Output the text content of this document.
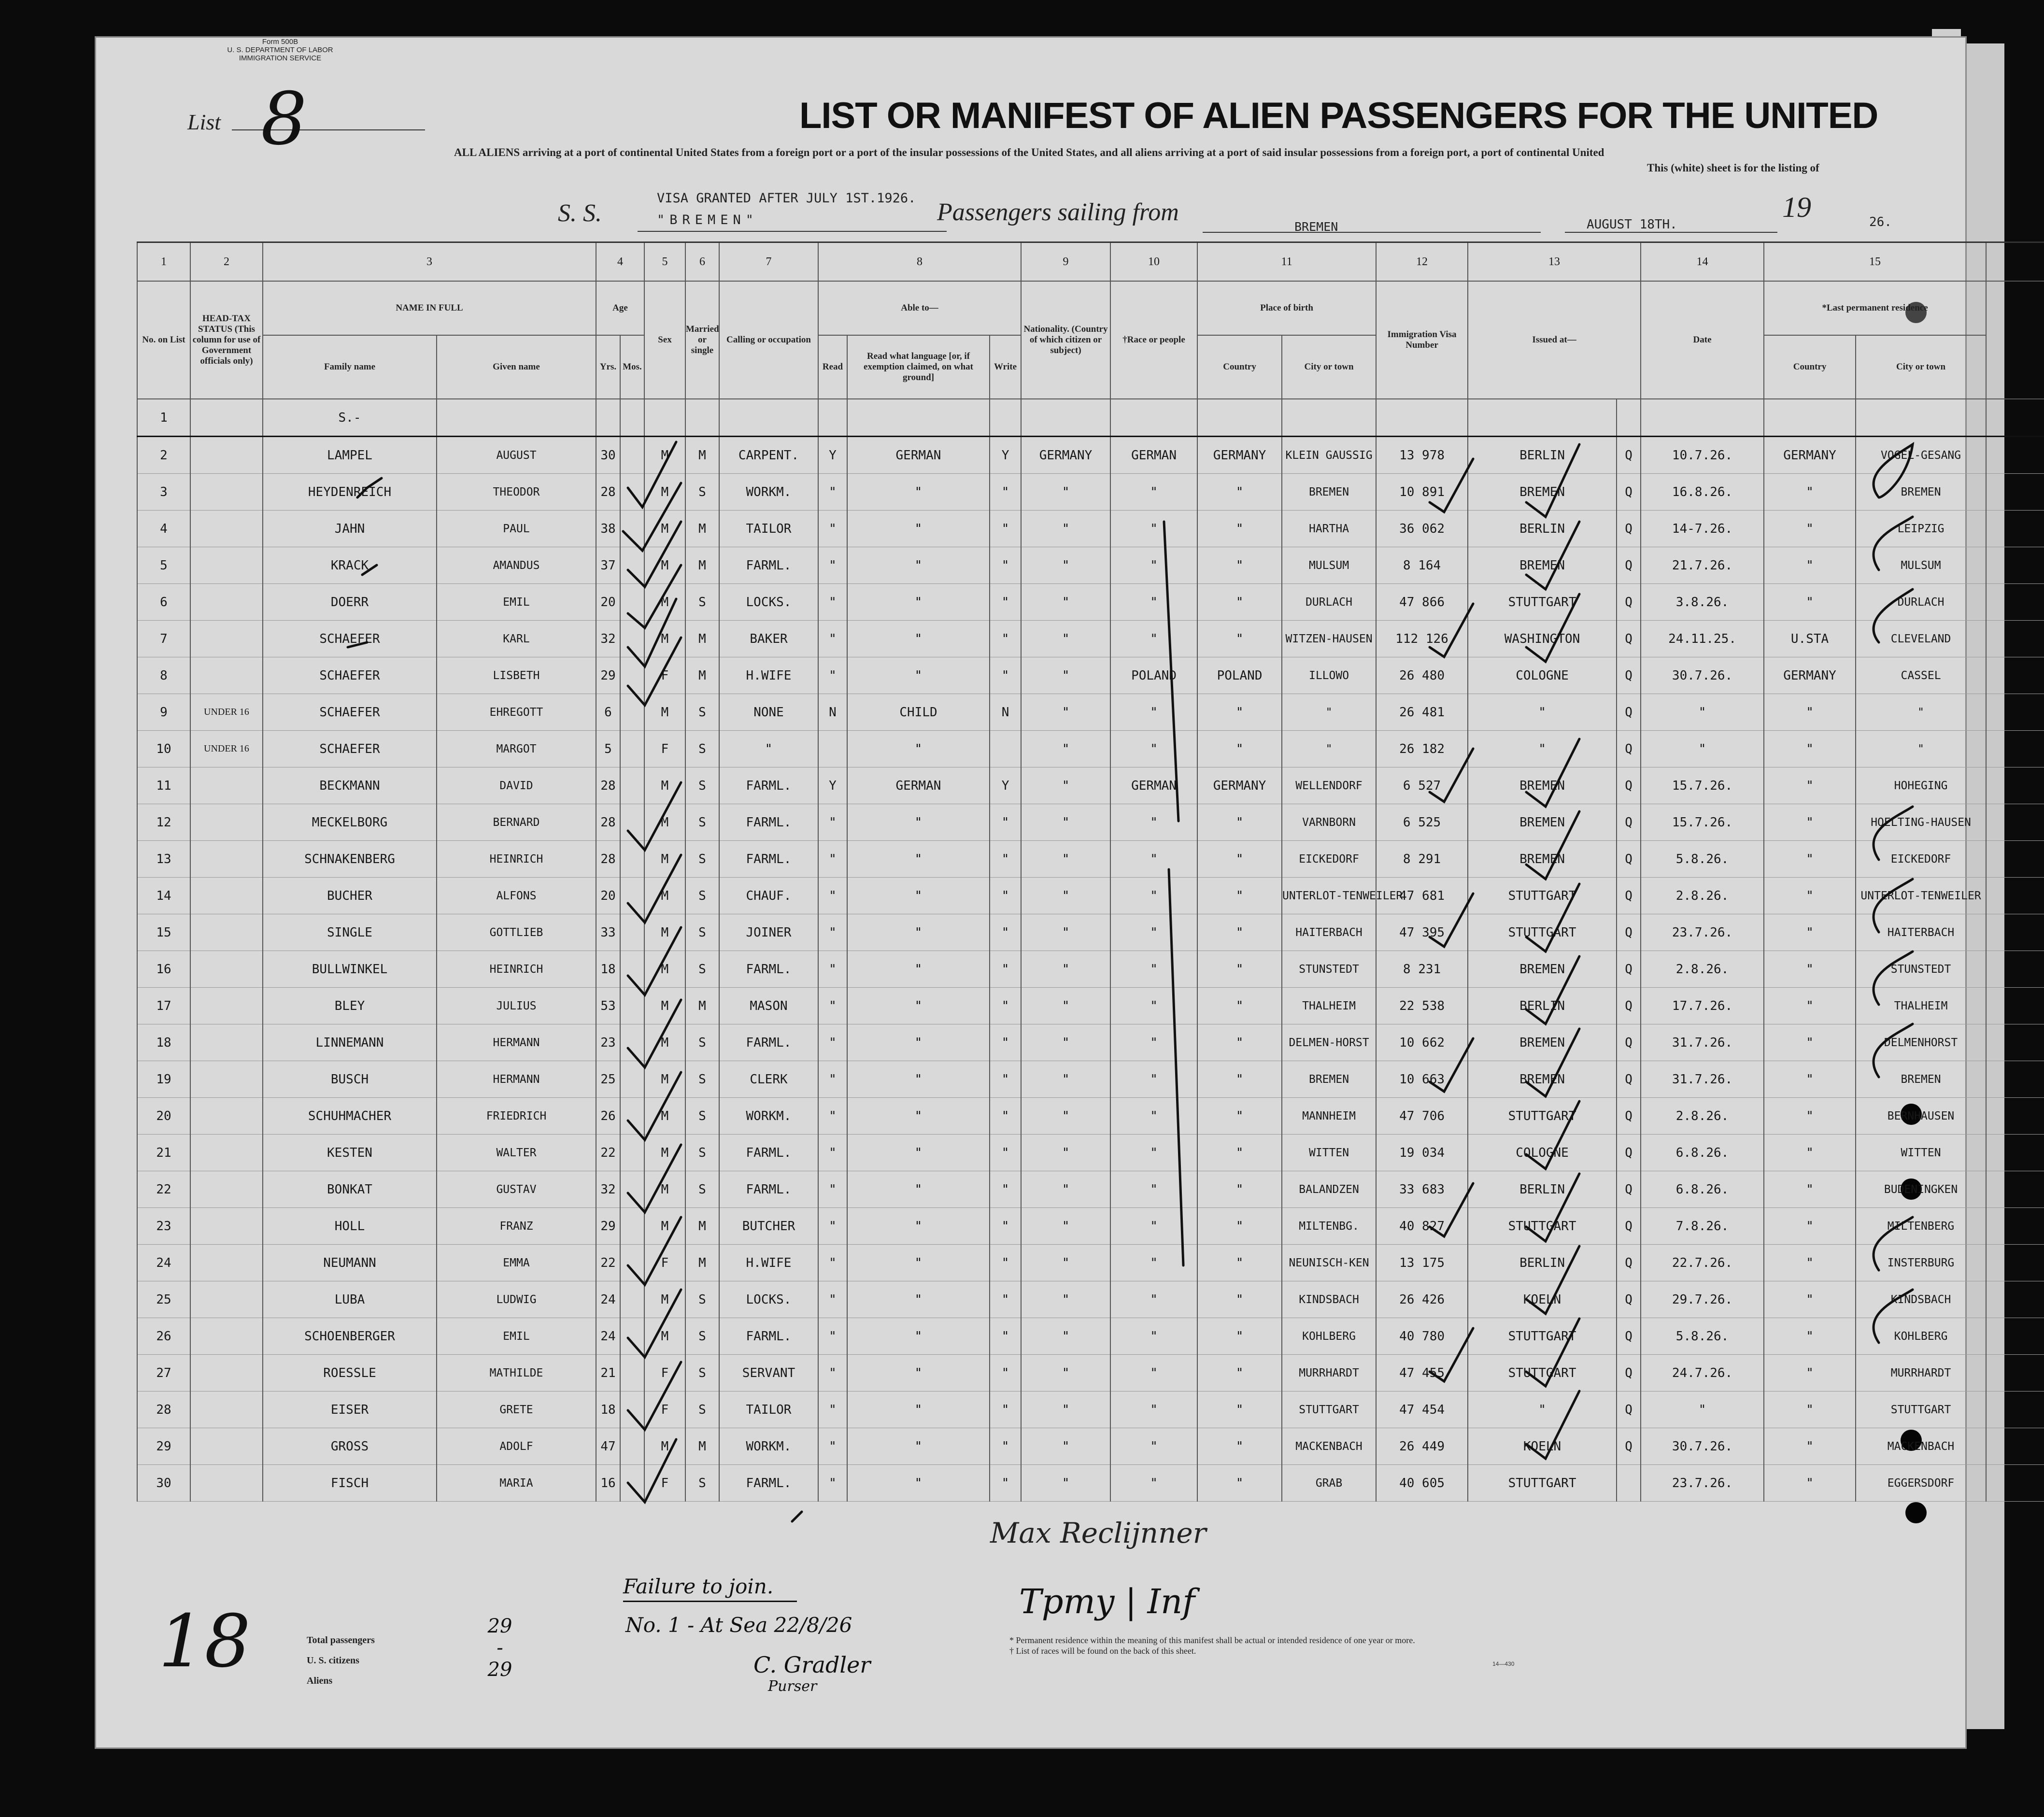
Form 500B
U. S. DEPARTMENT OF LABOR
IMMIGRATION SERVICE
List 8	LIST OR MANIFEST OF ALIEN PASSENGERS FOR THE UNITED
ALL ALIENS arriving at a port of continental United States from a foreign port or a port of the insular possessions of the United States, and all aliens arriving at a port of said insular possessions from a foreign port, a port of continental United
This (white) sheet is for the listing of
S. S.
VISA GRANTED AFTER JULY 1ST.1926.
"BREMEN"	Passengers sailing from
BREMEN	AUGUST 18TH.
19	26.
1	2	3		4		5	6	7	8			9	10	11		12	13		14	15		
No. on List	HEAD-TAX STATUS (This column for use of Government officials only)	NAME IN FULL		Age		Sex	Married or single	Calling or occupation	Able to—			Nationality. (Country of which citizen or subject)	†Race or people	Place of birth		Immigration Visa Number	Issued at—		Date	*Last permanent residence		
		Family name	Given name	Yrs.	Mos.				Read	Read what language [or, if exemption claimed, on what ground]	Write			Country	City or town					Country	City or town	
1		S.-																				
2		LAMPEL	AUGUST	30		M	M	CARPENT.	Y	GERMAN	Y	GERMANY	GERMAN	GERMANY	KLEIN GAUSSIG	13 978	BERLIN	Q	10.7.26.	GERMANY	VOGEL-GESANG	
3		HEYDENREICH	THEODOR	28		M	S	WORKM.	"	"	"	"	"	"	BREMEN	10 891	BREMEN	Q	16.8.26.	"	BREMEN	
4		JAHN	PAUL	38		M	M	TAILOR	"	"	"	"	"	"	HARTHA	36 062	BERLIN	Q	14-7.26.	"	LEIPZIG	
5		KRACK	AMANDUS	37		M	M	FARML.	"	"	"	"	"	"	MULSUM	8 164	BREMEN	Q	21.7.26.	"	MULSUM	
6		DOERR	EMIL	20		M	S	LOCKS.	"	"	"	"	"	"	DURLACH	47 866	STUTTGART	Q	3.8.26.	"	DURLACH	
7		SCHAEFER	KARL	32		M	M	BAKER	"	"	"	"	"	"	WITZEN-HAUSEN	112 126	WASHINGTON	Q	24.11.25.	U.STA	CLEVELAND	
8		SCHAEFER	LISBETH	29		F	M	H.WIFE	"	"	"	"	POLAND	POLAND	ILLOWO	26 480	COLOGNE	Q	30.7.26.	GERMANY	CASSEL	
9	UNDER 16	SCHAEFER	EHREGOTT	6		M	S	NONE	N	CHILD	N	"	"	"	"	26 481	"	Q	"	"	"	
10	UNDER 16	SCHAEFER	MARGOT	5		F	S	"		"		"	"	"	"	26 182	"	Q	"	"	"	
11		BECKMANN	DAVID	28		M	S	FARML.	Y	GERMAN	Y	"	GERMAN	GERMANY	WELLENDORF	6 527	BREMEN	Q	15.7.26.	"	HOHEGING	
12		MECKELBORG	BERNARD	28		M	S	FARML.	"	"	"	"	"	"	VARNBORN	6 525	BREMEN	Q	15.7.26.	"	HOELTING-HAUSEN	
13		SCHNAKENBERG	HEINRICH	28		M	S	FARML.	"	"	"	"	"	"	EICKEDORF	8 291	BREMEN	Q	5.8.26.	"	EICKEDORF	
14		BUCHER	ALFONS	20		M	S	CHAUF.	"	"	"	"	"	"	UNTERLOT-TENWEILER	47 681	STUTTGART	Q	2.8.26.	"	UNTERLOT-TENWEILER	
15		SINGLE	GOTTLIEB	33		M	S	JOINER	"	"	"	"	"	"	HAITERBACH	47 395	STUTTGART	Q	23.7.26.	"	HAITERBACH	
16		BULLWINKEL	HEINRICH	18		M	S	FARML.	"	"	"	"	"	"	STUNSTEDT	8 231	BREMEN	Q	2.8.26.	"	STUNSTEDT	
17		BLEY	JULIUS	53		M	M	MASON	"	"	"	"	"	"	THALHEIM	22 538	BERLIN	Q	17.7.26.	"	THALHEIM	
18		LINNEMANN	HERMANN	23		M	S	FARML.	"	"	"	"	"	"	DELMEN-HORST	10 662	BREMEN	Q	31.7.26.	"	DELMENHORST	
19		BUSCH	HERMANN	25		M	S	CLERK	"	"	"	"	"	"	BREMEN	10 663	BREMEN	Q	31.7.26.	"	BREMEN	
20		SCHUHMACHER	FRIEDRICH	26		M	S	WORKM.	"	"	"	"	"	"	MANNHEIM	47 706	STUTTGART	Q	2.8.26.	"	BERNHAUSEN	
21		KESTEN	WALTER	22		M	S	FARML.	"	"	"	"	"	"	WITTEN	19 034	COLOGNE	Q	6.8.26.	"	WITTEN	
22		BONKAT	GUSTAV	32		M	S	FARML.	"	"	"	"	"	"	BALANDZEN	33 683	BERLIN	Q	6.8.26.	"	BUDENINGKEN	
23		HOLL	FRANZ	29		M	M	BUTCHER	"	"	"	"	"	"	MILTENBG.	40 827	STUTTGART	Q	7.8.26.	"	MILTENBERG	
24		NEUMANN	EMMA	22		F	M	H.WIFE	"	"	"	"	"	"	NEUNISCH-KEN	13 175	BERLIN	Q	22.7.26.	"	INSTERBURG	
25		LUBA	LUDWIG	24		M	S	LOCKS.	"	"	"	"	"	"	KINDSBACH	26 426	KOELN	Q	29.7.26.	"	KINDSBACH	
26		SCHOENBERGER	EMIL	24		M	S	FARML.	"	"	"	"	"	"	KOHLBERG	40 780	STUTTGART	Q	5.8.26.	"	KOHLBERG	
27		ROESSLE	MATHILDE	21		F	S	SERVANT	"	"	"	"	"	"	MURRHARDT	47 455	STUTTGART	Q	24.7.26.	"	MURRHARDT	
28		EISER	GRETE	18		F	S	TAILOR	"	"	"	"	"	"	STUTTGART	47 454	"	Q	"	"	STUTTGART	
29		GROSS	ADOLF	47		M	M	WORKM.	"	"	"	"	"	"	MACKENBACH	26 449	KOELN	Q	30.7.26.	"	MACKENBACH	
30		FISCH	MARIA	16		F	S	FARML.	"	"	"	"	"	"	GRAB	40 605	STUTTGART		23.7.26.	"	EGGERSDORF	
Total passengers
U. S. citizens
Aliens
29
-
29
Failure to join.
No. 1 - At Sea 22/8/26
C. Gradler
Purser
Max Reclijnner
Tpmy | Inf
* Permanent residence within the meaning of this manifest shall be actual or intended residence of one year or more.
† List of races will be found on the back of this sheet.
14—430
18
